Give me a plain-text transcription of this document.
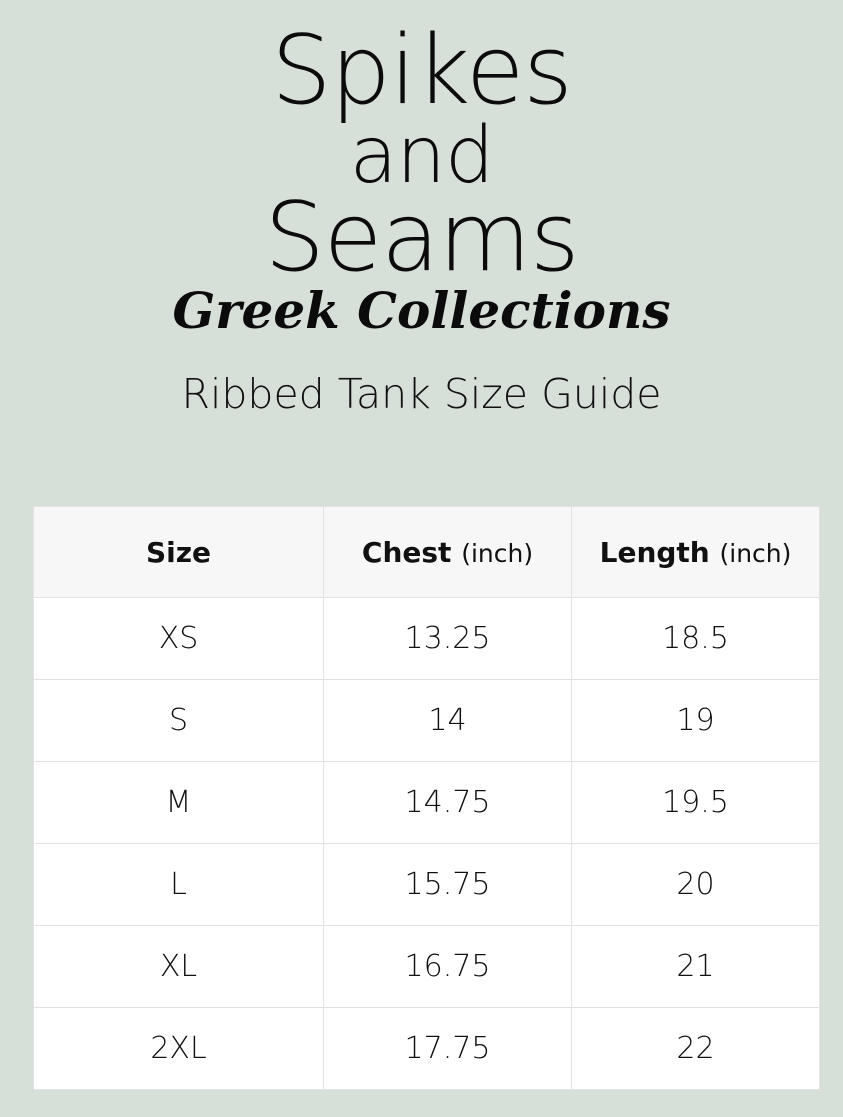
Spikes
and
Seams
Greek Collections
Ribbed Tank Size Guide
Size	Chest (inch)	Length (inch)
XS	13.25	18.5
S	14	19
M	14.75	19.5
L	15.75	20
XL	16.75	21
2XL	17.75	22
